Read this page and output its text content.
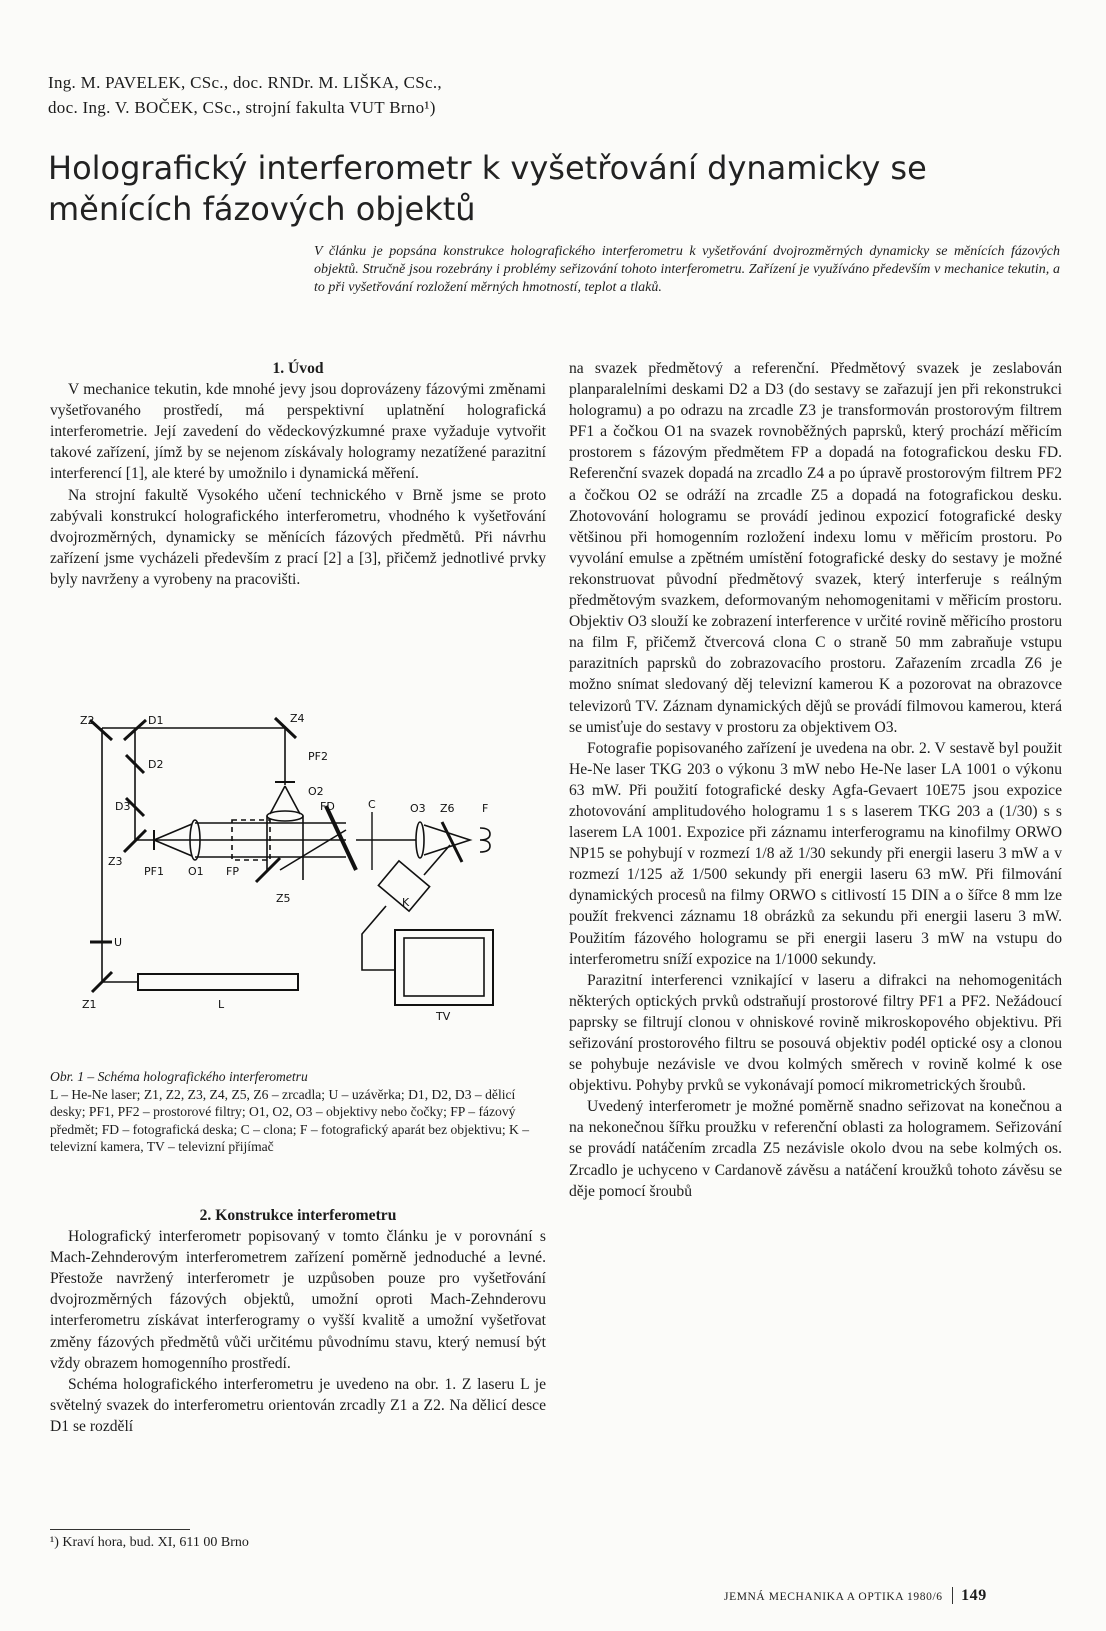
Ing. M. PAVELEK, CSc., doc. RNDr. M. LIŠKA, CSc.,
doc. Ing. V. BOČEK, CSc., strojní fakulta VUT Brno¹)
Holografický interferometr k vyšetřování dynamicky se měnících fázových objektů
V článku je popsána konstrukce holografického interferometru k vyšetřování dvojrozměrných dynamicky se měnících fázových objektů. Stručně jsou rozebrány i problémy seřizování tohoto interferometru. Zařízení je využíváno především v mechanice tekutin, a to při vyšetřování rozložení měrných hmotností, teplot a tlaků.

1. Úvod

V mechanice tekutin, kde mnohé jevy jsou doprovázeny fázovými změnami vyšetřovaného prostředí, má perspektivní uplatnění holografická interferometrie. Její zavedení do vědeckovýzkumné praxe vyžaduje vytvořit takové zařízení, jímž by se nejenom získávaly hologramy nezatížené parazitní interferencí [1], ale které by umožnilo i dynamická měření.

Na strojní fakultě Vysokého učení technického v Brně jsme se proto zabývali konstrukcí holografického interferometru, vhodného k vyšetřování dvojrozměrných, dynamicky se měnících fázových předmětů. Při návrhu zařízení jsme vycházeli především z prací [2] a [3], přičemž jednotlivé prvky byly navrženy a vyrobeny na pracovišti.

Z2	D1
D2
D3
Z3
PF1 O1 FP
Z4
PF2
O2
FD	C	O3 Z6 F
Z5	K
U
Z1	L
TV
Obr. 1 – Schéma holografického interferometru
L – He-Ne laser; Z1, Z2, Z3, Z4, Z5, Z6 – zrcadla; U – uzávěrka; D1, D2, D3 – dělicí desky; PF1, PF2 – prostorové filtry; O1, O2, O3 – objektivy nebo čočky; FP – fázový předmět; FD – fotografická deska; C – clona; F – fotografický aparát bez objektivu; K – televizní kamera, TV – televizní přijímač

2. Konstrukce interferometru

Holografický interferometr popisovaný v tomto článku je v porovnání s Mach-Zehnderovým interferometrem zařízení poměrně jednoduché a levné. Přestože navržený interferometr je uzpůsoben pouze pro vyšetřování dvojrozměrných fázových objektů, umožní oproti Mach-Zehnderovu interferometru získávat interferogramy o vyšší kvalitě a umožní vyšetřovat změny fázových předmětů vůči určitému původnímu stavu, který nemusí být vždy obrazem homogenního prostředí.

Schéma holografického interferometru je uvedeno na obr. 1. Z laseru L je světelný svazek do interferometru orientován zrcadly Z1 a Z2. Na dělicí desce D1 se rozdělí

na svazek předmětový a referenční. Předmětový svazek je zeslabován planparalelními deskami D2 a D3 (do sestavy se zařazují jen při rekonstrukci hologramu) a po odrazu na zrcadle Z3 je transformován prostorovým filtrem PF1 a čočkou O1 na svazek rovnoběžných paprsků, který prochází měřicím prostorem s fázovým předmětem FP a dopadá na fotografickou desku FD. Referenční svazek dopadá na zrcadlo Z4 a po úpravě prostorovým filtrem PF2 a čočkou O2 se odráží na zrcadle Z5 a dopadá na fotografickou desku. Zhotovování hologramu se provádí jedinou expozicí fotografické desky většinou při homogenním rozložení indexu lomu v měřicím prostoru. Po vyvolání emulse a zpětném umístění fotografické desky do sestavy je možné rekonstruovat původní předmětový svazek, který interferuje s reálným předmětovým svazkem, deformovaným nehomogenitami v měřicím prostoru. Objektiv O3 slouží ke zobrazení interference v určité rovině měřicího prostoru na film F, přičemž čtvercová clona C o straně 50 mm zabraňuje vstupu parazitních paprsků do zobrazovacího prostoru. Zařazením zrcadla Z6 je možno snímat sledovaný děj televizní kamerou K a pozorovat na obrazovce televizorů TV. Záznam dynamických dějů se provádí filmovou kamerou, která se umisťuje do sestavy v prostoru za objektivem O3.

Fotografie popisovaného zařízení je uvedena na obr. 2. V sestavě byl použit He-Ne laser TKG 203 o výkonu 3 mW nebo He-Ne laser LA 1001 o výkonu 63 mW. Při použití fotografické desky Agfa-Gevaert 10E75 jsou expozice zhotovování amplitudového hologramu 1 s s laserem TKG 203 a (1/30) s s laserem LA 1001. Expozice při záznamu interferogramu na kinofilmy ORWO NP15 se pohybují v rozmezí 1/8 až 1/30 sekundy při energii laseru 3 mW a v rozmezí 1/125 až 1/500 sekundy při energii laseru 63 mW. Při filmování dynamických procesů na filmy ORWO s citlivostí 15 DIN a o šířce 8 mm lze použít frekvenci záznamu 18 obrázků za sekundu při energii laseru 3 mW. Použitím fázového hologramu se při energii laseru 3 mW na vstupu do interferometru sníží expozice na 1/1000 sekundy.

Parazitní interferenci vznikající v laseru a difrakci na nehomogenitách některých optických prvků odstraňují prostorové filtry PF1 a PF2. Nežádoucí paprsky se filtrují clonou v ohniskové rovině mikroskopového objektivu. Při seřizování prostorového filtru se posouvá objektiv podél optické osy a clonou se pohybuje nezávisle ve dvou kolmých směrech v rovině kolmé k ose objektivu. Pohyby prvků se vykonávají pomocí mikrometrických šroubů.

Uvedený interferometr je možné poměrně snadno seřizovat na konečnou a na nekonečnou šířku proužku v referenční oblasti za hologramem. Seřizování se provádí natáčením zrcadla Z5 nezávisle okolo dvou na sebe kolmých os. Zrcadlo je uchyceno v Cardanově závěsu a natáčení kroužků tohoto závěsu se děje pomocí šroubů

¹) Kraví hora, bud. XI, 611 00 Brno
JEMNÁ MECHANIKA A OPTIKA 1980/6 149
